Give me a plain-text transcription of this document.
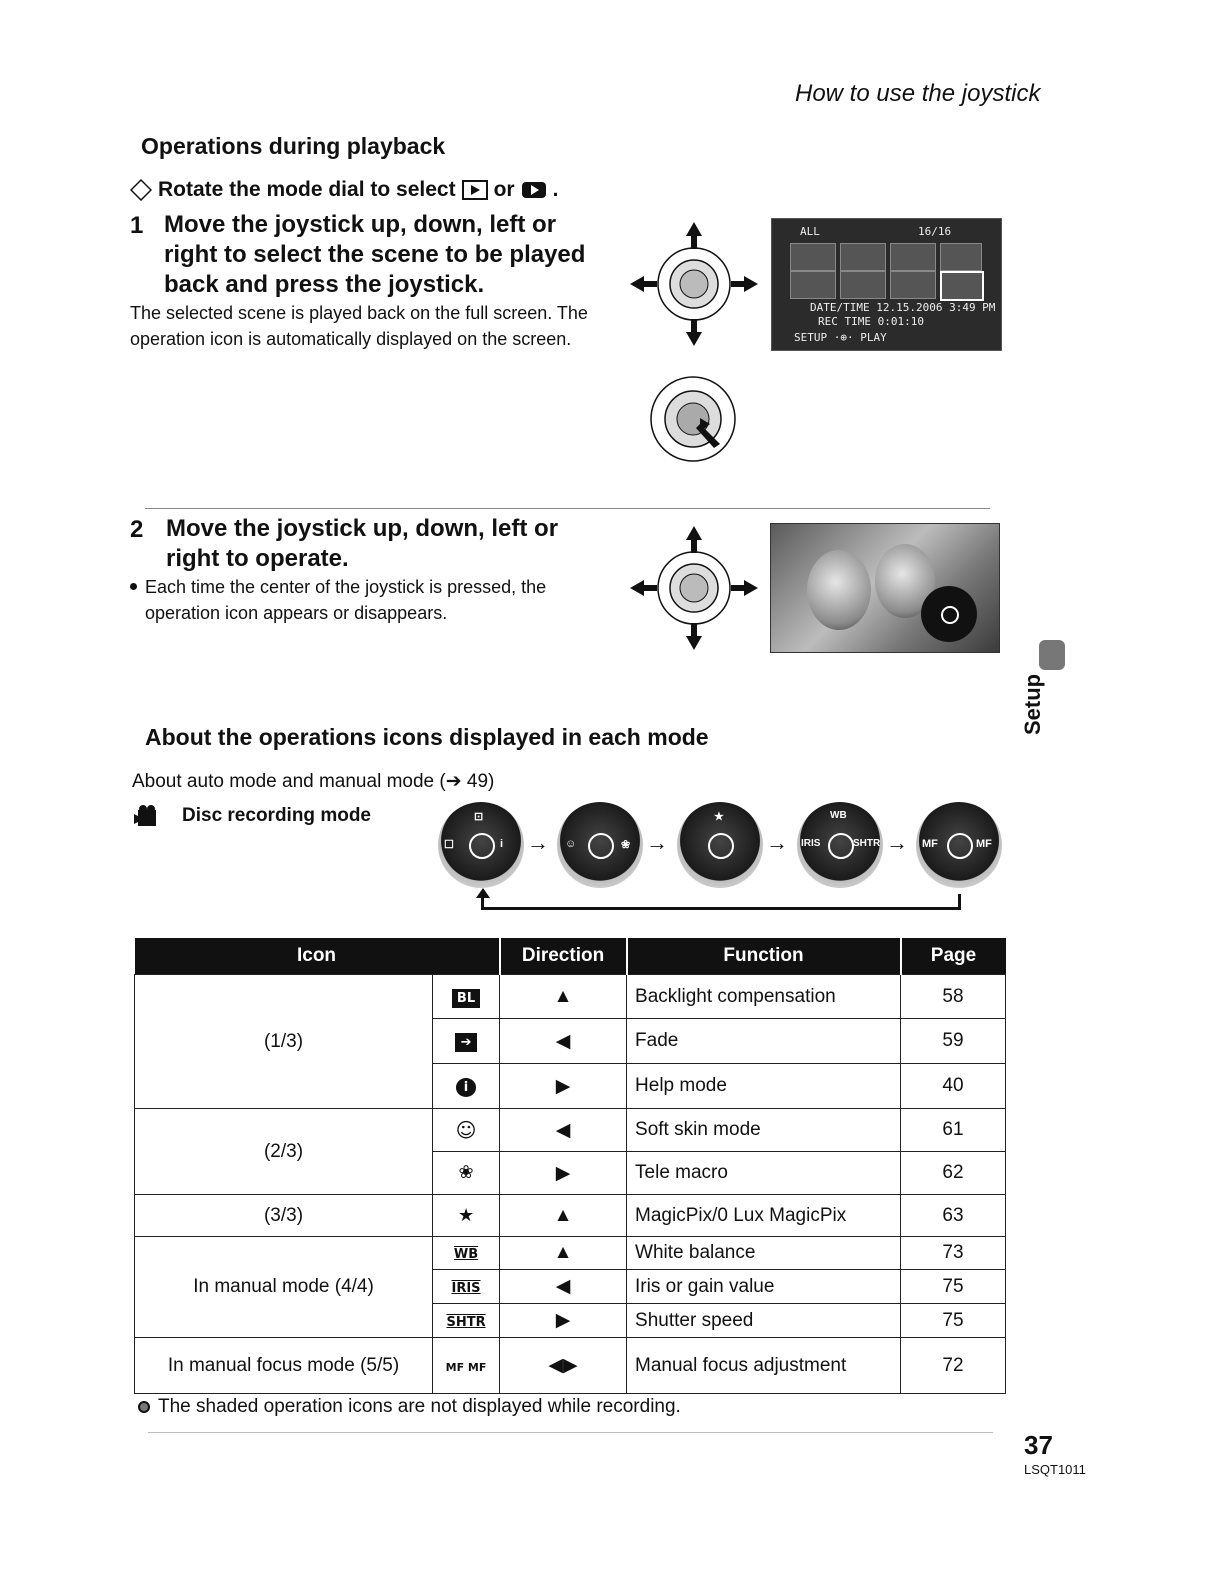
How to use the joystick
Operations during playback
Rotate the mode dial to select or .
1 Move the joystick up, down, left or right to select the scene to be played back and press the joystick.
The selected scene is played back on the full screen. The operation icon is automatically displayed on the screen.
ALL	16/16
DATE/TIME 12.15.2006 3:49 PM
REC TIME 0:01:10
SETUP ·⊕· PLAY
2 Move the joystick up, down, left or right to operate.
Each time the center of the joystick is pressed, the operation icon appears or disappears.
Setup
About the operations icons displayed in each mode
About auto mode and manual mode (➔ 49)
Disc recording mode
☐	i
⊡
→ ☺	❀ →
★
→
WB
IRIS	SHTR → MF	MF
Icon		Direction	Function	Page
(1/3)	BL	▲	Backlight compensation	58
	➔	◀	Fade	59
	i	▶	Help mode	40
(2/3)	☺	◀	Soft skin mode	61
	❀	▶	Tele macro	62
(3/3)	★	▲	MagicPix/0 Lux MagicPix	63
In manual mode (4/4)	WB	▲	White balance	73
	IRIS	◀	Iris or gain value	75
	SHTR	▶	Shutter speed	75
In manual focus mode (5/5)	MF MF	◀▶	Manual focus adjustment	72
The shaded operation icons are not displayed while recording.
37
LSQT1011
